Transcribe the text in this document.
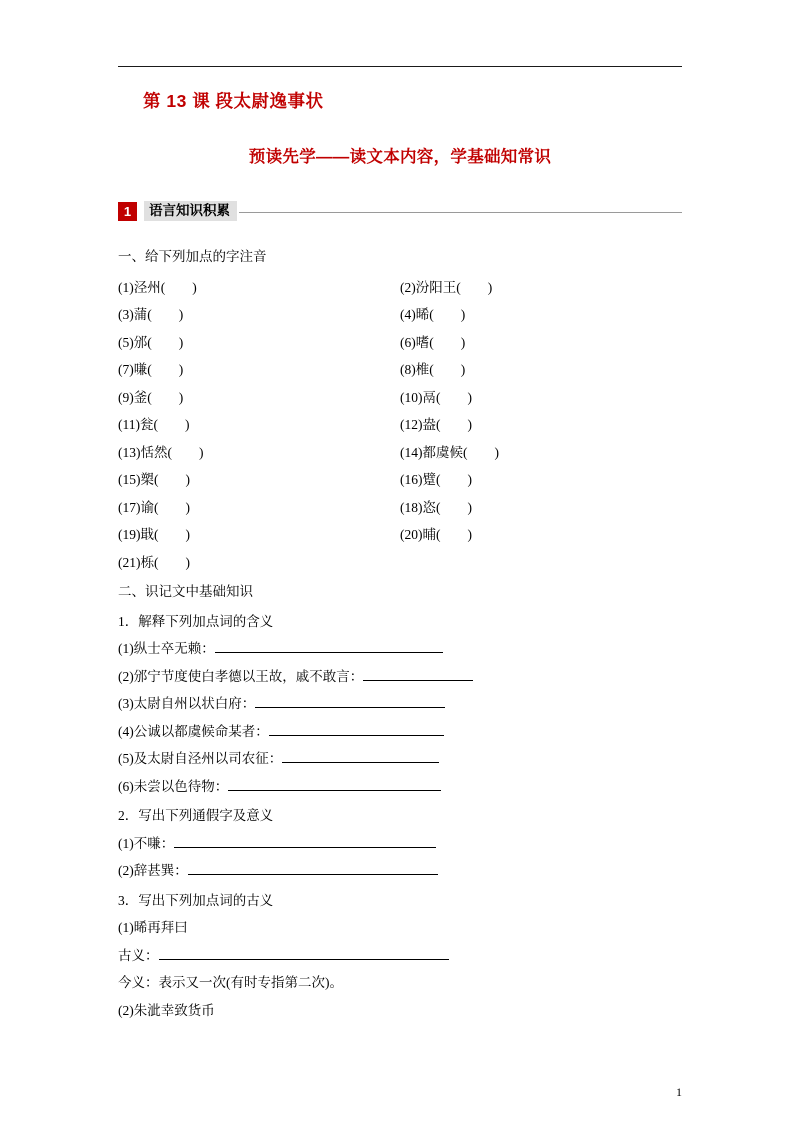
第 13 课 段太尉逸事状
预读先学——读文本内容，学基础知常识
1	语言知识积累
一、给下列加点的字注音
(1)泾州(　　)	(2)汾阳王(　　)
(3)蒲(　　)	(4)晞(　　)
(5)邠(　　)	(6)嗜(　　)
(7)嗛(　　)	(8)椎(　　)
(9)釜(　　)	(10)鬲(　　)
(11)瓮(　　)	(12)盎(　　)
(13)恬然(　　)	(14)都虞候(　　)
(15)槊(　　)	(16)躄(　　)
(17)谕(　　)	(18)恣(　　)
(19)戢(　　)	(20)晡(　　)
(21)栎(　　)
二、识记文中基础知识
1．解释下列加点词的含义
(1)纵士卒无赖：
(2)邠宁节度使白孝德以王故，戚不敢言：
(3)太尉自州以状白府：
(4)公诚以都虞候命某者：
(5)及太尉自泾州以司农征：
(6)未尝以色待物：
2．写出下列通假字及意义
(1)不嗛：
(2)辞甚巽：
3．写出下列加点词的古义
(1)晞再拜曰
古义：
今义：表示又一次(有时专指第二次)。
(2)朱泚幸致货币
1
